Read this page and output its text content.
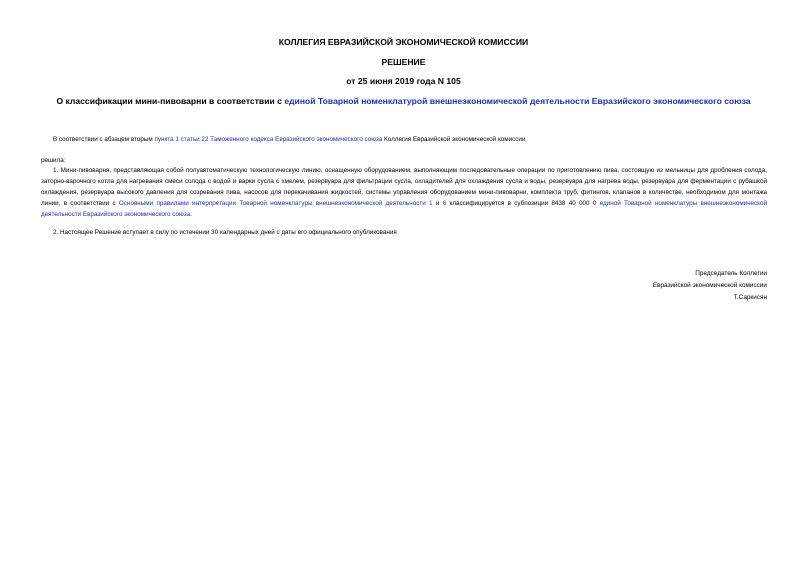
КОЛЛЕГИЯ ЕВРАЗИЙСКОЙ ЭКОНОМИЧЕСКОЙ КОМИССИИ
РЕШЕНИЕ
от 25 июня 2019 года N 105
О классификации мини-пивоварни в соответствии с единой Товарной номенклатурой внешнеэкономической деятельности Евразийского экономического союза
В соответствии с абзацем вторым пункта 1 статьи 22 Таможенного кодекса Евразийского экономического союза Коллегия Евразийской экономической комиссии
решила:
1. Мини-пивоварня, представляющая собой полуавтоматическую технологическую линию, оснащенную оборудованием, выполняющим последовательные операции по приготовлению пива, состоящую из мельницы для дробления солода, заторно-варочного котла для нагревания смеси солода с водой и варки сусла с хмелем, резервуара для фильтрации сусла, охладителей для охлаждения сусла и воды, резервуара для нагрева воды, резервуара для ферментации с рубашкой охлаждения, резервуара высокого давления для созревания пива, насосов для перекачивания жидкостей, системы управления оборудованием мини-пивоварни, комплекта труб, фитингов, клапанов в количестве, необходимом для монтажа линии, в соответствии с Основными правилами интерпретации Товарной номенклатуры внешнеэкономической деятельности 1 и 6 классифицируется в субпозиции 8438 40 000 0 единой Товарной номенклатуры внешнеэкономической деятельности Евразийского экономического союза.
2. Настоящее Решение вступает в силу по истечении 30 календарных дней с даты его официального опубликования
Председатель Коллегии
Евразийской экономической комиссии
Т.Саркисян
